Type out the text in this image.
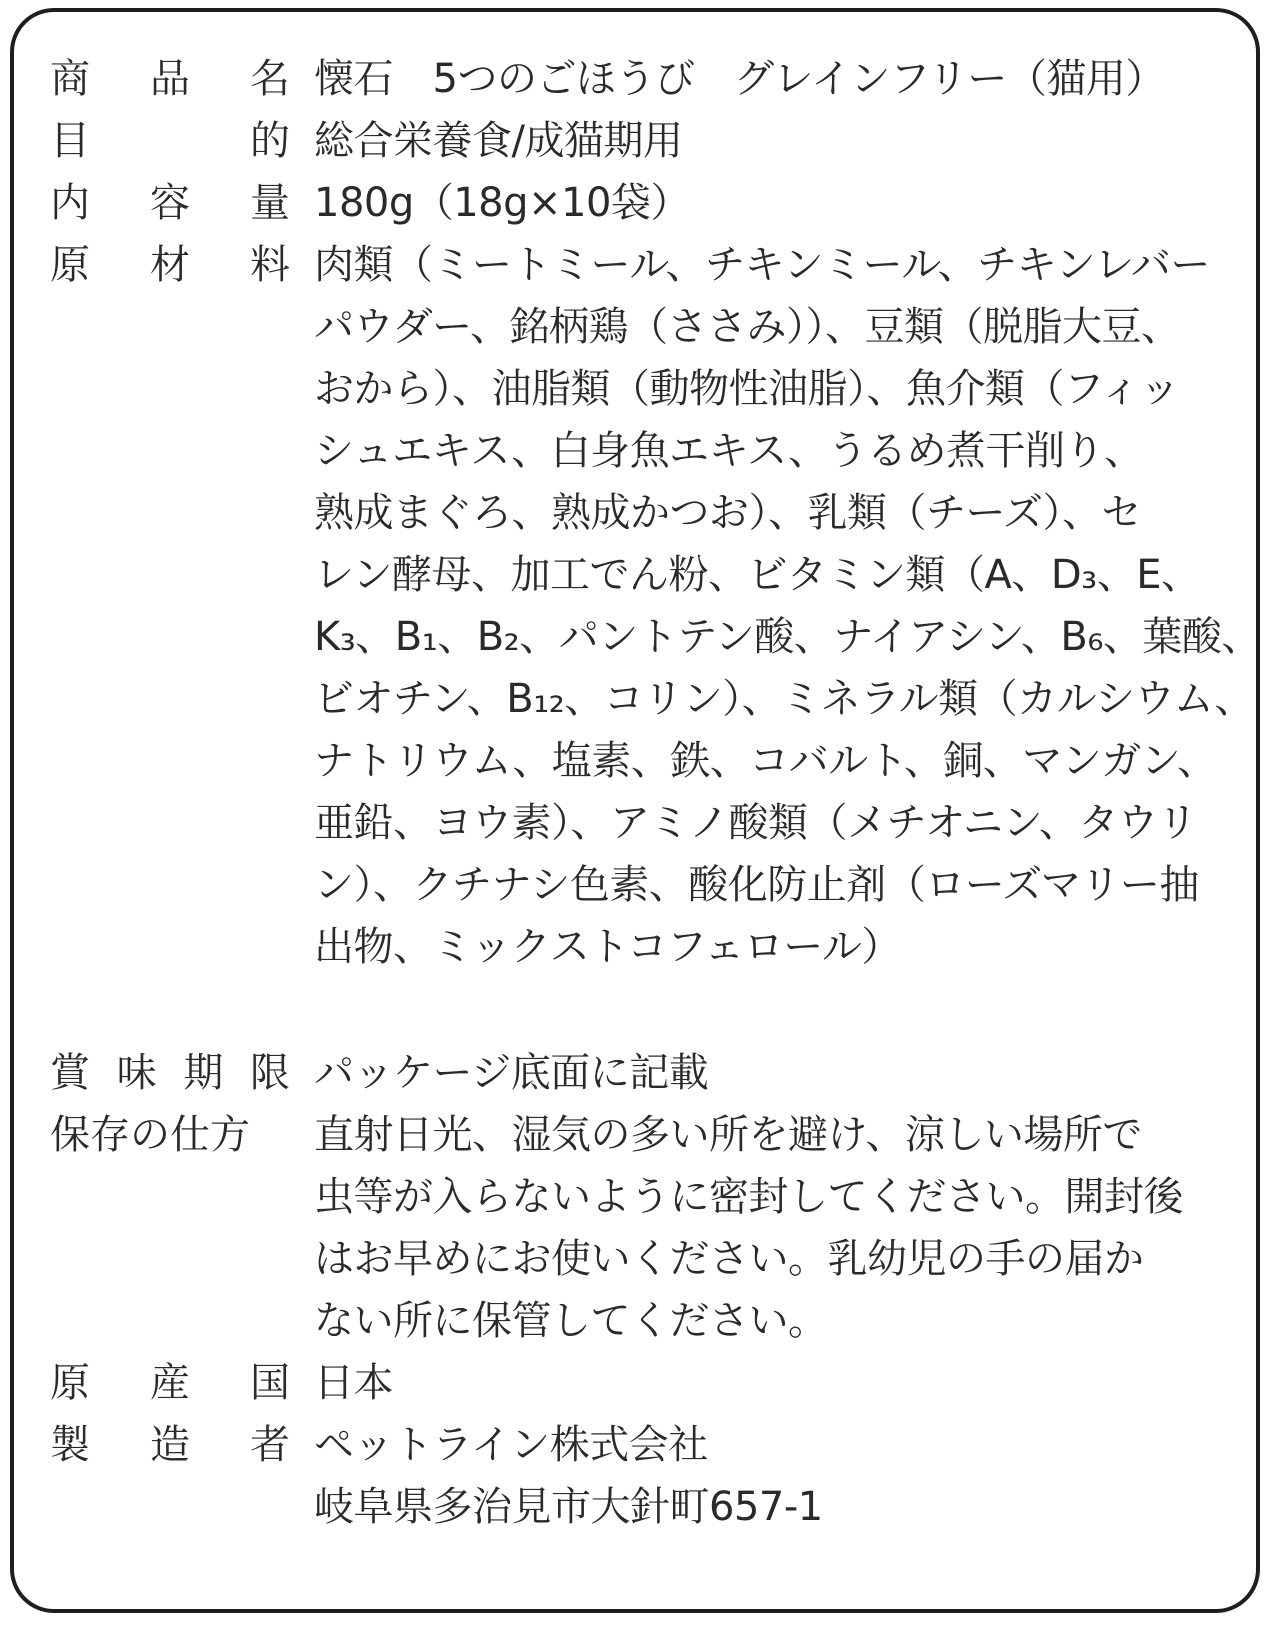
商 品 名 懐石　5つのごほうび　グレインフリー（猫用）
目	的 総合栄養食/成猫期用
内 容 量 180g（18g×10袋）
原 材 料 肉類（ミートミール、チキンミール、チキンレバー
パウダー、銘柄鶏（ささみ））、豆類（脱脂大豆、
おから）、油脂類（動物性油脂）、魚介類（フィッ
シュエキス、白身魚エキス、うるめ煮干削り、
熟成まぐろ、熟成かつお）、乳類（チーズ）、セ
レン酵母、加工でん粉、ビタミン類（A、D₃、E、
K₃、B₁、B₂、パントテン酸、ナイアシン、B₆、葉酸、
ビオチン、B₁₂、コリン）、ミネラル類（カルシウム、
ナトリウム、塩素、鉄、コバルト、銅、マンガン、
亜鉛、ヨウ素）、アミノ酸類（メチオニン、タウリ
ン）、クチナシ色素、酸化防止剤（ローズマリー抽
出物、ミックストコフェロール）
賞 味 期 限 パッケージ底面に記載
保存の仕方 直射日光、湿気の多い所を避け、涼しい場所で
虫等が入らないように密封してください。開封後
はお早めにお使いください。乳幼児の手の届か
ない所に保管してください。
原 産 国 日本
製 造 者 ペットライン株式会社
岐阜県多治見市大針町657-1
